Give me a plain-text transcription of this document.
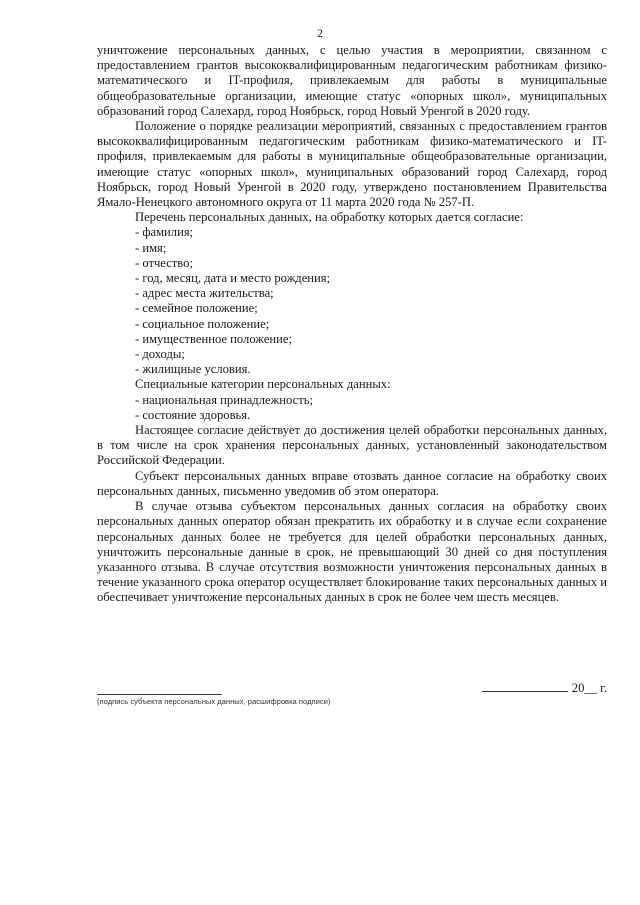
2

уничтожение персональных данных, с целью участия в мероприятии, связанном с предоставлением грантов высококвалифицированным педагогическим работникам физико-математического и IT-профиля, привлекаемым для работы в муниципальные общеобразовательные организации, имеющие статус «опорных школ», муниципальных образований город Салехард, город Ноябрьск, город Новый Уренгой в 2020 году.

Положение о порядке реализации мероприятий, связанных с предоставлением грантов высококвалифицированным педагогическим работникам физико-математического и IT-профиля, привлекаемым для работы в муниципальные общеобразовательные организации, имеющие статус «опорных школ», муниципальных образований город Салехард, город Ноябрьск, город Новый Уренгой в 2020 году, утверждено постановлением Правительства Ямало-Ненецкого автономного округа от 11 марта 2020 года № 257-П.

Перечень персональных данных, на обработку которых дается согласие:

- фамилия;

- имя;

- отчество;

- год, месяц, дата и место рождения;

- адрес места жительства;

- семейное положение;

- социальное положение;

- имущественное положение;

- доходы;

- жилищные условия.

Специальные категории персональных данных:

- национальная принадлежность;

- состояние здоровья.

Настоящее согласие действует до достижения целей обработки персональных данных, в том числе на срок хранения персональных данных, установленный законодательством Российской Федерации.

Субъект персональных данных вправе отозвать данное согласие на обработку своих персональных данных, письменно уведомив об этом оператора.

В случае отзыва субъектом персональных данных согласия на обработку своих персональных данных оператор обязан прекратить их обработку и в случае если сохранение персональных данных более не требуется для целей обработки персональных данных, уничтожить персональные данные в срок, не превышающий 30 дней со дня поступления указанного отзыва. В случае отсутствия возможности уничтожения персональных данных в течение указанного срока оператор осуществляет блокирование таких персональных данных и обеспечивает уничтожение персональных данных в срок не более чем шесть месяцев.

20__ г.
(подпись субъекта персональных данных, расшифровка подписи)
